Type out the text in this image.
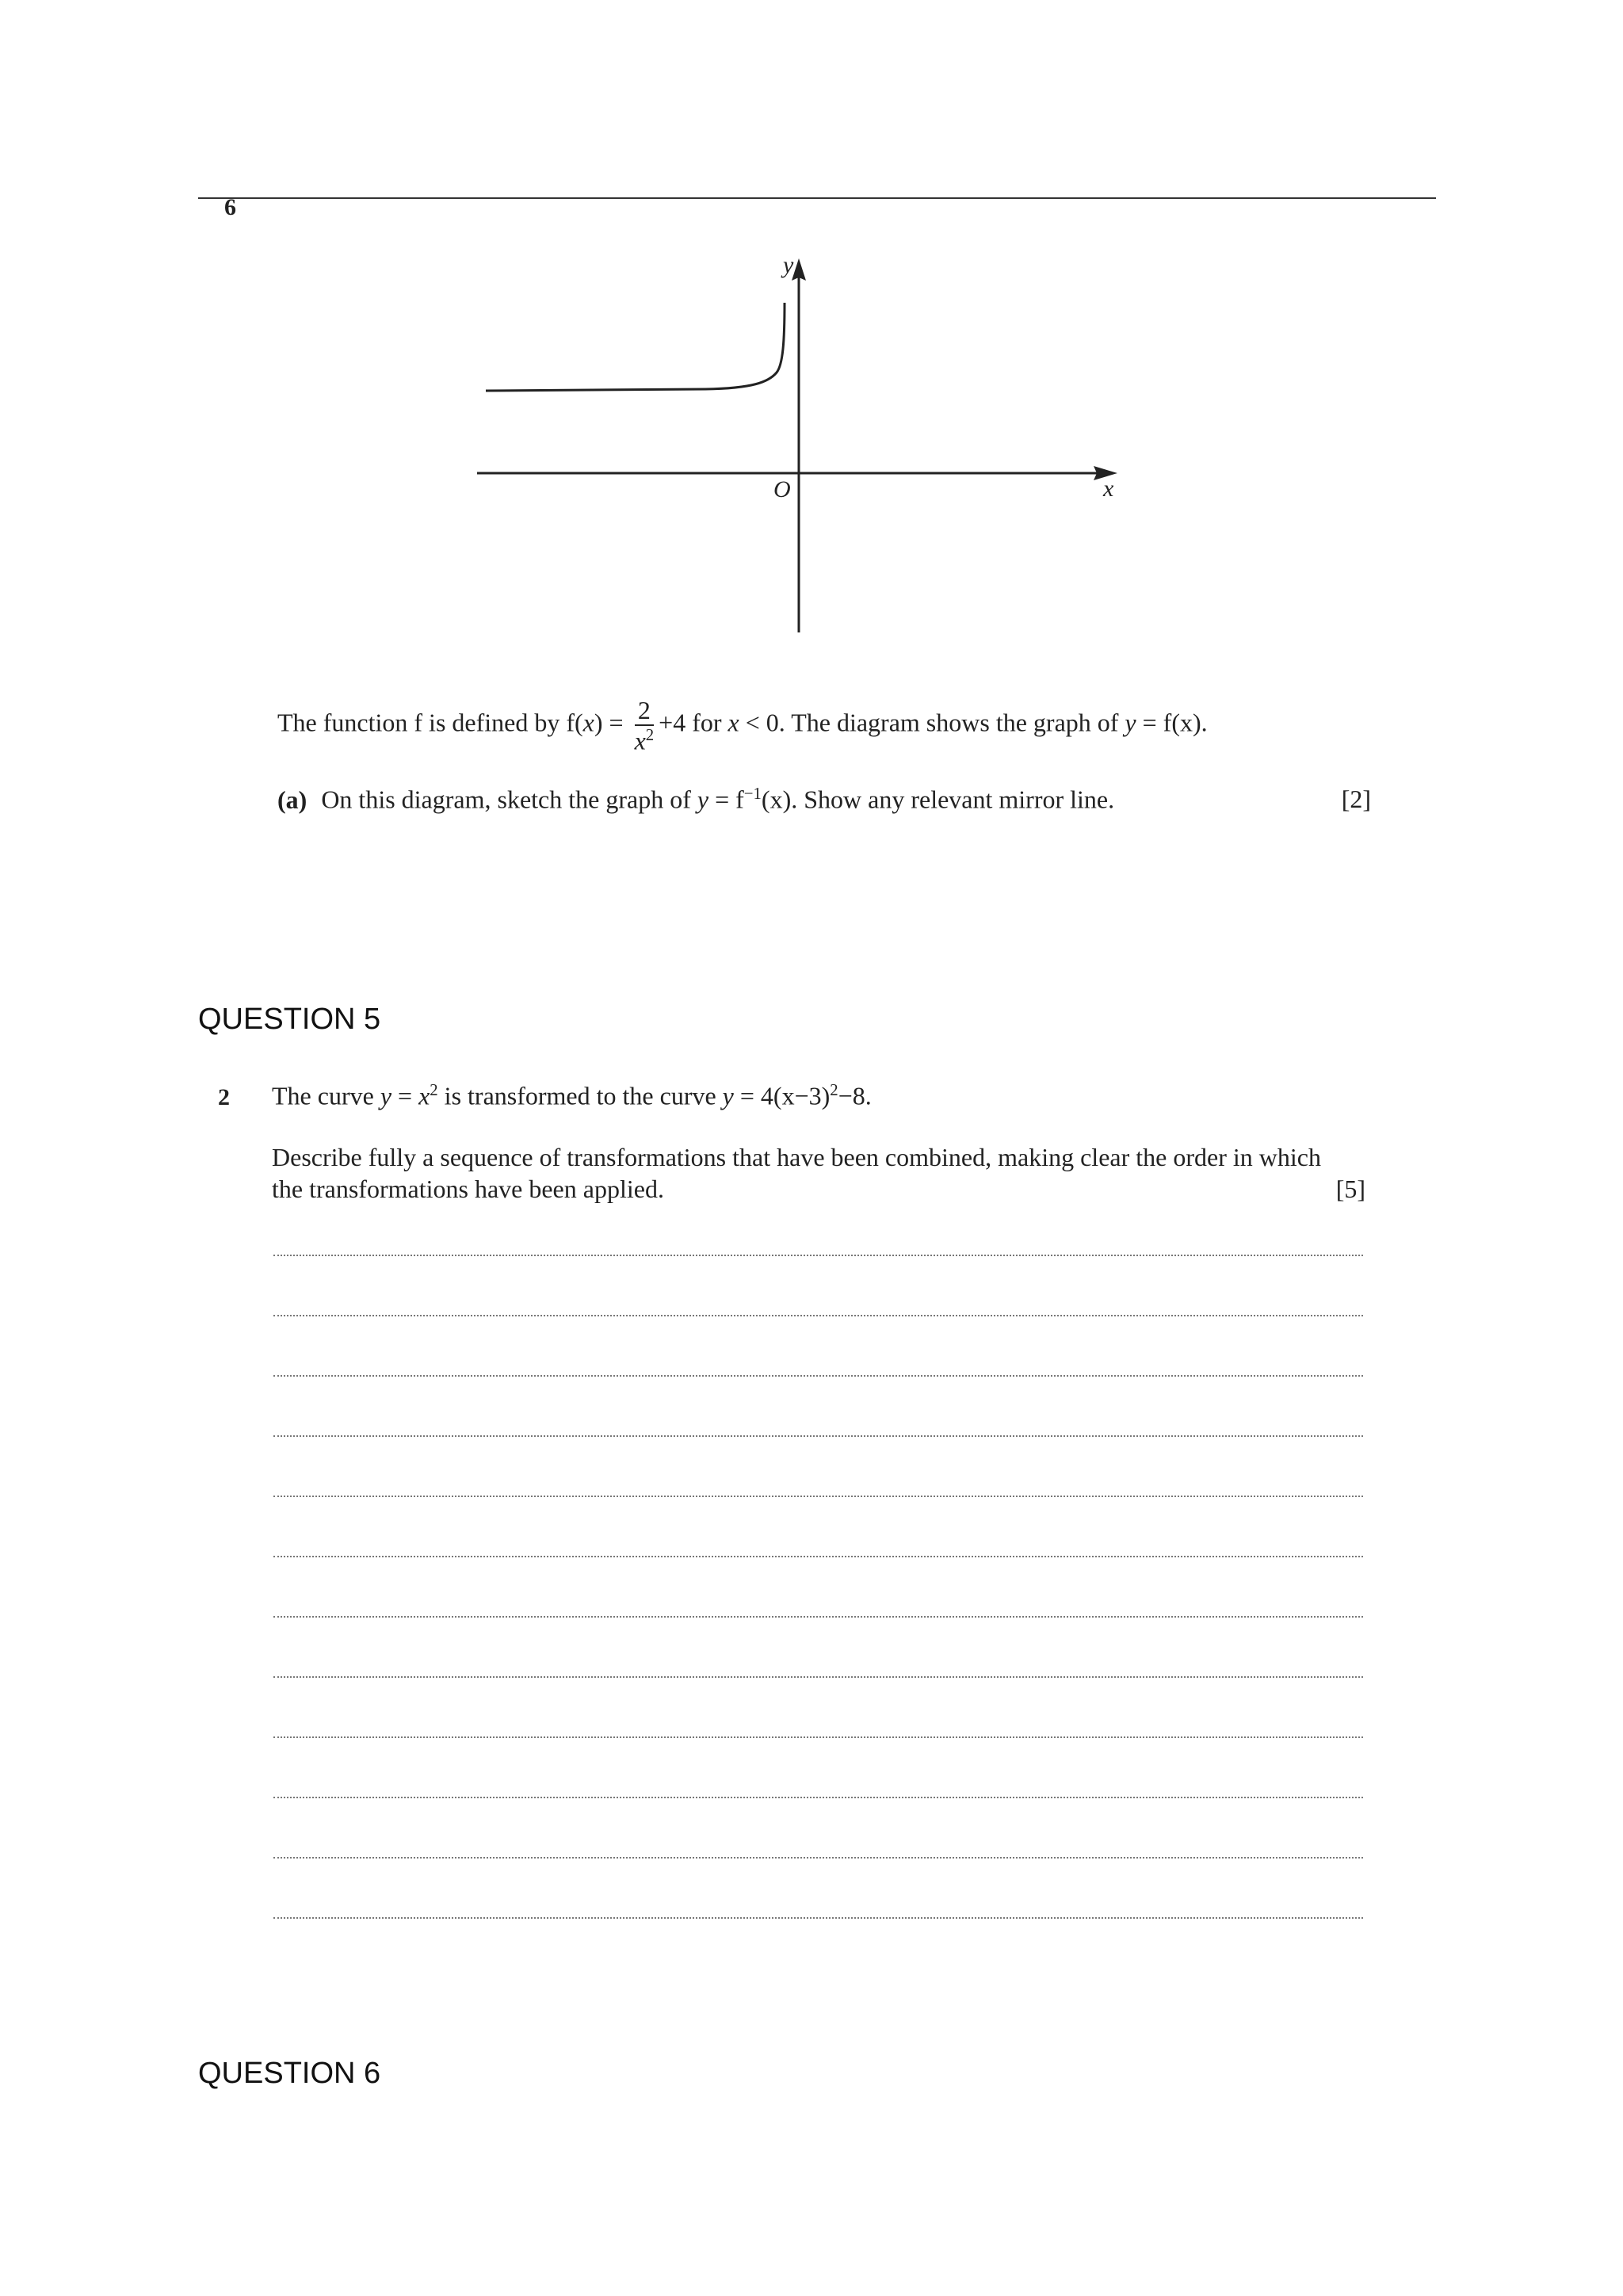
6
y
x
O
The function f is defined by $f(x) = \frac{2}{x^2} +4$ for x < 0. The diagram shows the graph of y = f(x).
(a) On this diagram, sketch the graph of $y = f^{-1}(x)$. Show any relevant mirror line.	[2]
QUESTION 5
2 The curve $y = x^2$ is transformed to the curve $y = 4(x-3)^2-8$.
Describe fully a sequence of transformations that have been combined, making clear the order in which
the transformations have been applied.	[5]
QUESTION 6
